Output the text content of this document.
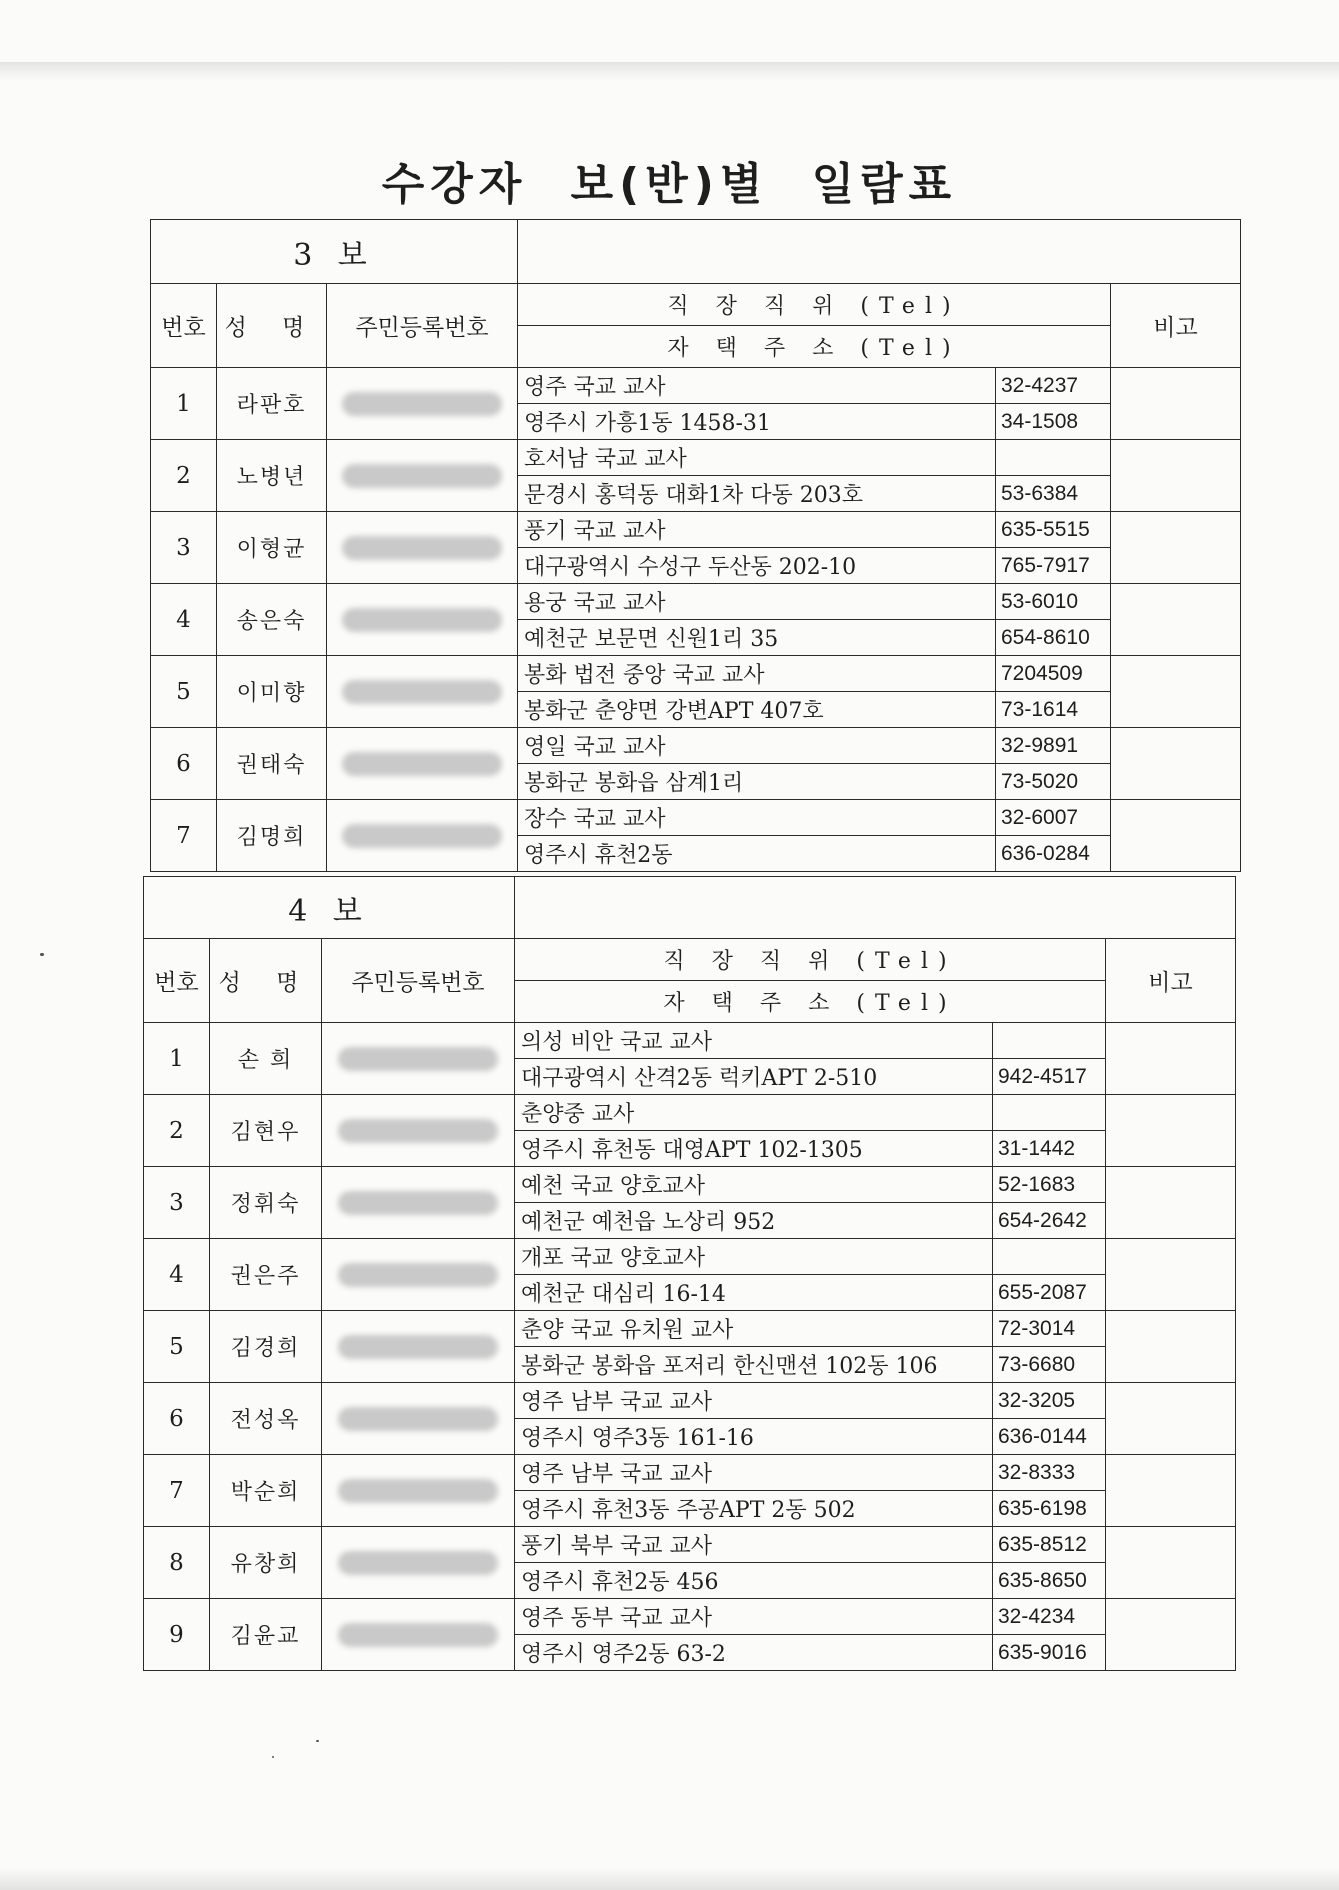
수강자 보(반)별 일람표
3 보					
번호	성 명	주민등록번호	직 장 직 위 (Tel)		비고
			자 택 주 소 (Tel)		
1	라판호		영주 국교 교사	32-4237	
			영주시 가흥1동 1458-31	34-1508	
2	노병년		호서남 국교 교사		
			문경시 홍덕동 대화1차 다동 203호	53-6384	
3	이형균		풍기 국교 교사	635-5515	
			대구광역시 수성구 두산동 202-10	765-7917	
4	송은숙		용궁 국교 교사	53-6010	
			예천군 보문면 신원1리 35	654-8610	
5	이미향		봉화 법전 중앙 국교 교사	7204509	
			봉화군 춘양면 강변APT 407호	73-1614	
6	권태숙		영일 국교 교사	32-9891	
			봉화군 봉화읍 삼계1리	73-5020	
7	김명희		장수 국교 교사	32-6007	
			영주시 휴천2동	636-0284	
4 보					
번호	성 명	주민등록번호	직 장 직 위 (Tel)		비고
			자 택 주 소 (Tel)		
1	손 희		의성 비안 국교 교사		
			대구광역시 산격2동 럭키APT 2-510	942-4517	
2	김현우		춘양중 교사		
			영주시 휴천동 대영APT 102-1305	31-1442	
3	정휘숙		예천 국교 양호교사	52-1683	
			예천군 예천읍 노상리 952	654-2642	
4	권은주		개포 국교 양호교사		
			예천군 대심리 16-14	655-2087	
5	김경희		춘양 국교 유치원 교사	72-3014	
			봉화군 봉화읍 포저리 한신맨션 102동 106	73-6680	
6	전성옥		영주 남부 국교 교사	32-3205	
			영주시 영주3동 161-16	636-0144	
7	박순희		영주 남부 국교 교사	32-8333	
			영주시 휴천3동 주공APT 2동 502	635-6198	
8	유창희		풍기 북부 국교 교사	635-8512	
			영주시 휴천2동 456	635-8650	
9	김윤교		영주 동부 국교 교사	32-4234	
			영주시 영주2동 63-2	635-9016	
